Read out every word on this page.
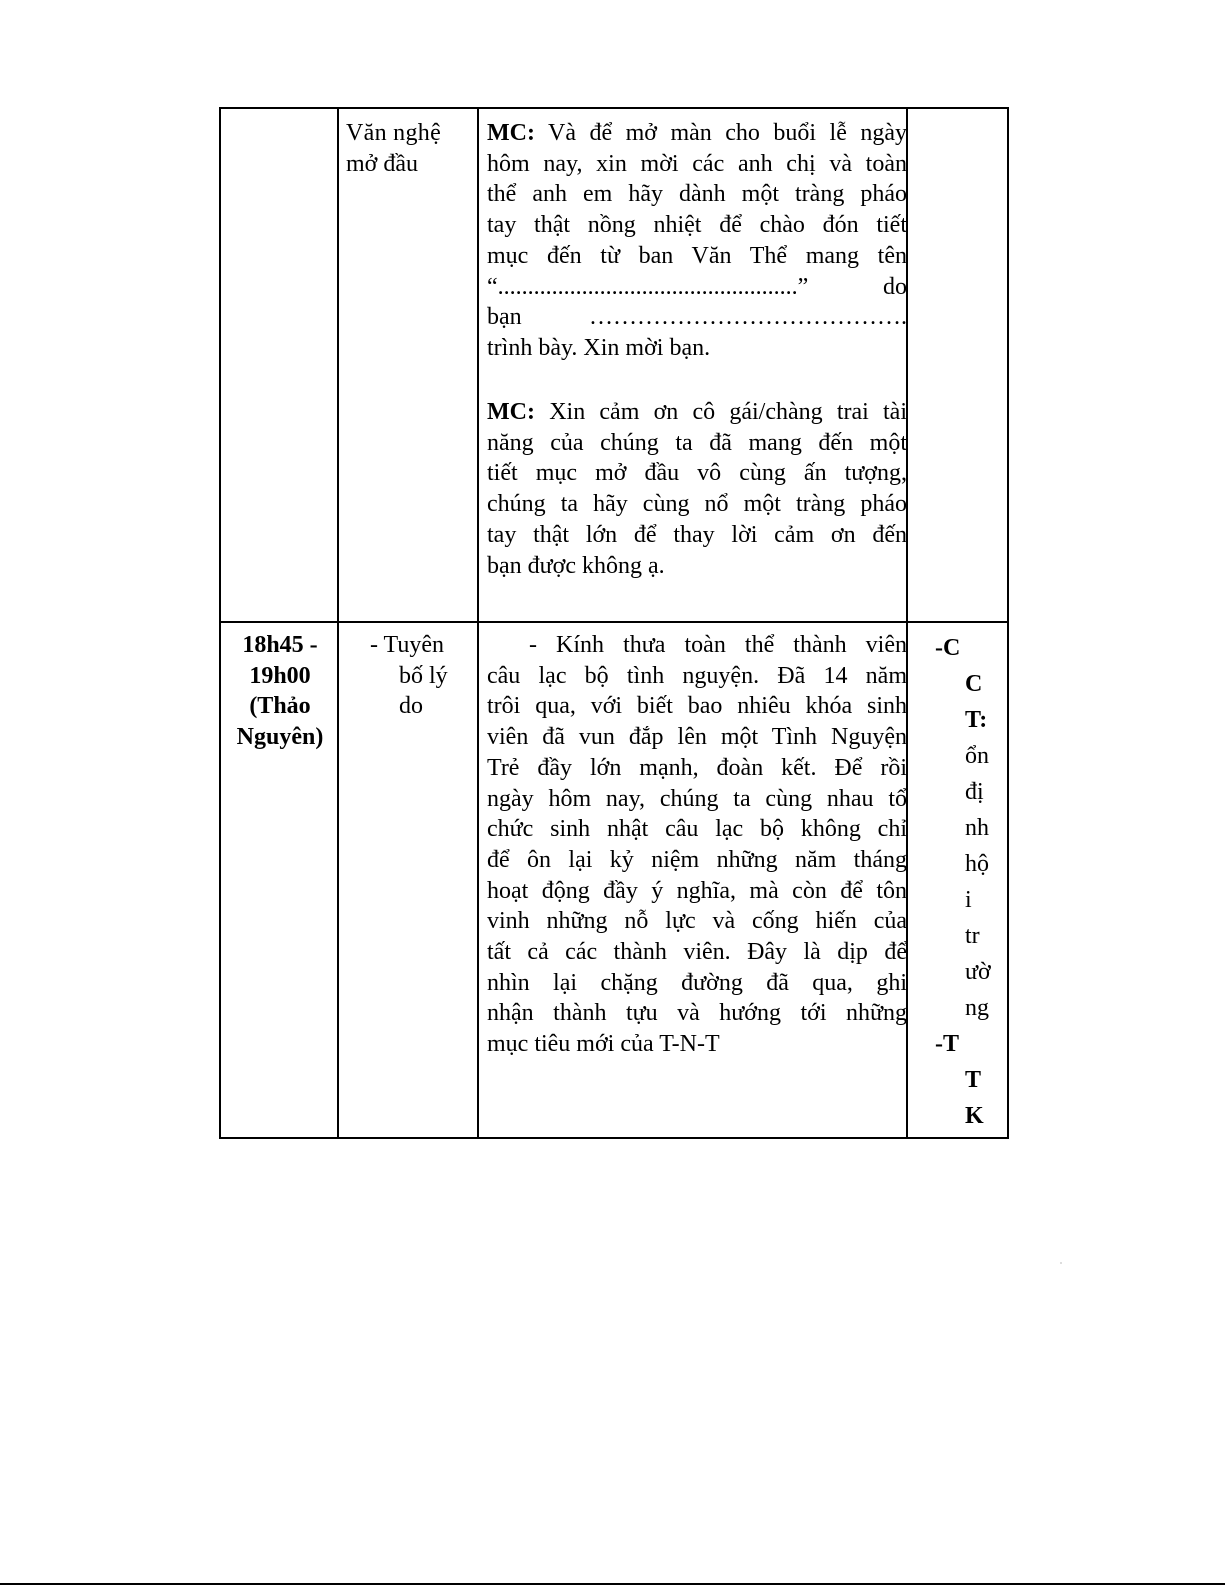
Văn nghệ
mở đầu
MC: Và để mở màn cho buổi lễ ngày
hôm nay, xin mời các anh chị và toàn
thể anh em hãy dành một tràng pháo
tay thật nồng nhiệt để chào đón tiết
mục đến từ ban Văn Thể mang tên
“..................................................” do
bạn ………………………………….
trình bày. Xin mời bạn.
MC: Xin cảm ơn cô gái/chàng trai tài
năng của chúng ta đã mang đến một
tiết mục mở đầu vô cùng ấn tượng,
chúng ta hãy cùng nổ một tràng pháo
tay thật lớn để thay lời cảm ơn đến
bạn được không ạ.
18h45 -
19h00
(Thảo
Nguyên)
- Tuyên
bố lý
do
- Kính thưa toàn thể thành viên
câu lạc bộ tình nguyện. Đã 14 năm
trôi qua, với biết bao nhiêu khóa sinh
viên đã vun đắp lên một Tình Nguyện
Trẻ đầy lớn mạnh, đoàn kết. Để rồi
ngày hôm nay, chúng ta cùng nhau tổ
chức sinh nhật câu lạc bộ không chỉ
để ôn lại kỷ niệm những năm tháng
hoạt động đầy ý nghĩa, mà còn để tôn
vinh những nỗ lực và cống hiến của
tất cả các thành viên. Đây là dịp để
nhìn lại chặng đường đã qua, ghi
nhận thành tựu và hướng tới những
mục tiêu mới của T-N-T
-C
C
T:
ổn
đị
nh
hộ
i
tr
ườ
ng
-T
T
K
